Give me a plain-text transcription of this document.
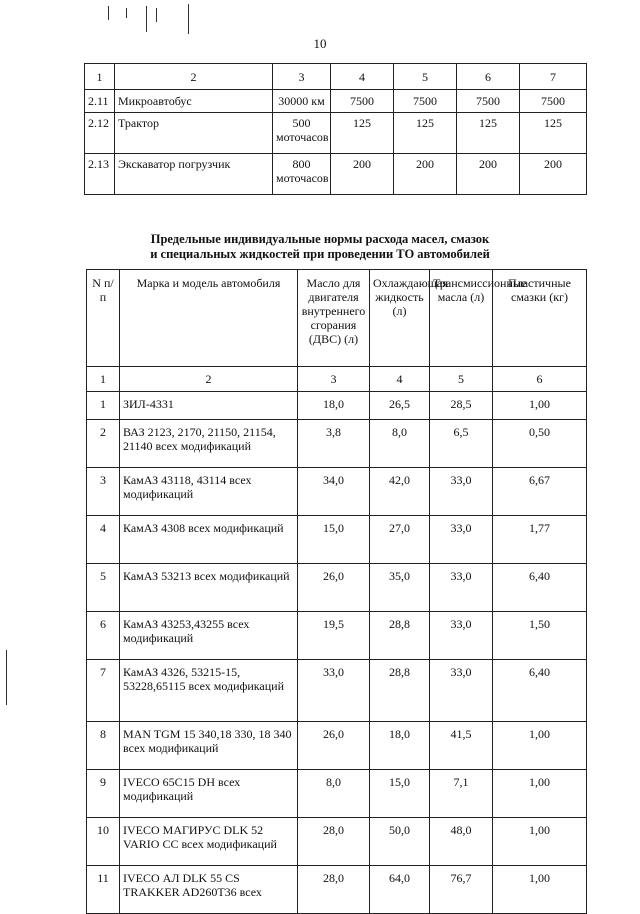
10
1	2	3	4	5	6	7
2.11	Микроавтобус	30000 км	7500	7500	7500	7500
2.12	Трактор	500 моточасов	125	125	125	125
2.13	Экскаватор погрузчик	800 моточасов	200	200	200	200
Предельные индивидуальные нормы расхода масел, смазок
и специальных жидкостей при проведении ТО автомобилей
N п/п	Марка и модель автомобиля	Масло для двигателя внутреннего сгорания (ДВС) (л)	Охлаждающая жидкость (л)	Трансмиссионные масла (л)	Пластичные смазки (кг)
1	2	3	4	5	6
1	ЗИЛ-4331	18,0	26,5	28,5	1,00
2	ВАЗ 2123, 2170, 21150, 21154, 21140 всех модификаций	3,8	8,0	6,5	0,50
3	КамАЗ 43118, 43114 всех модификаций	34,0	42,0	33,0	6,67
4	КамАЗ 4308 всех модификаций	15,0	27,0	33,0	1,77
5	КамАЗ 53213 всех модификаций	26,0	35,0	33,0	6,40
6	КамАЗ 43253,43255 всех модификаций	19,5	28,8	33,0	1,50
7	КамАЗ 4326, 53215-15, 53228,65115 всех модификаций	33,0	28,8	33,0	6,40
8	MAN TGM 15 340,18 330, 18 340 всех модификаций	26,0	18,0	41,5	1,00
9	IVECO 65C15 DH всех модификаций	8,0	15,0	7,1	1,00
10	IVECO МАГИРУС DLK 52 VARIO CC всех модификаций	28,0	50,0	48,0	1,00
11	IVECO АЛ DLK 55 CS TRAKKER AD260T36 всех	28,0	64,0	76,7	1,00
